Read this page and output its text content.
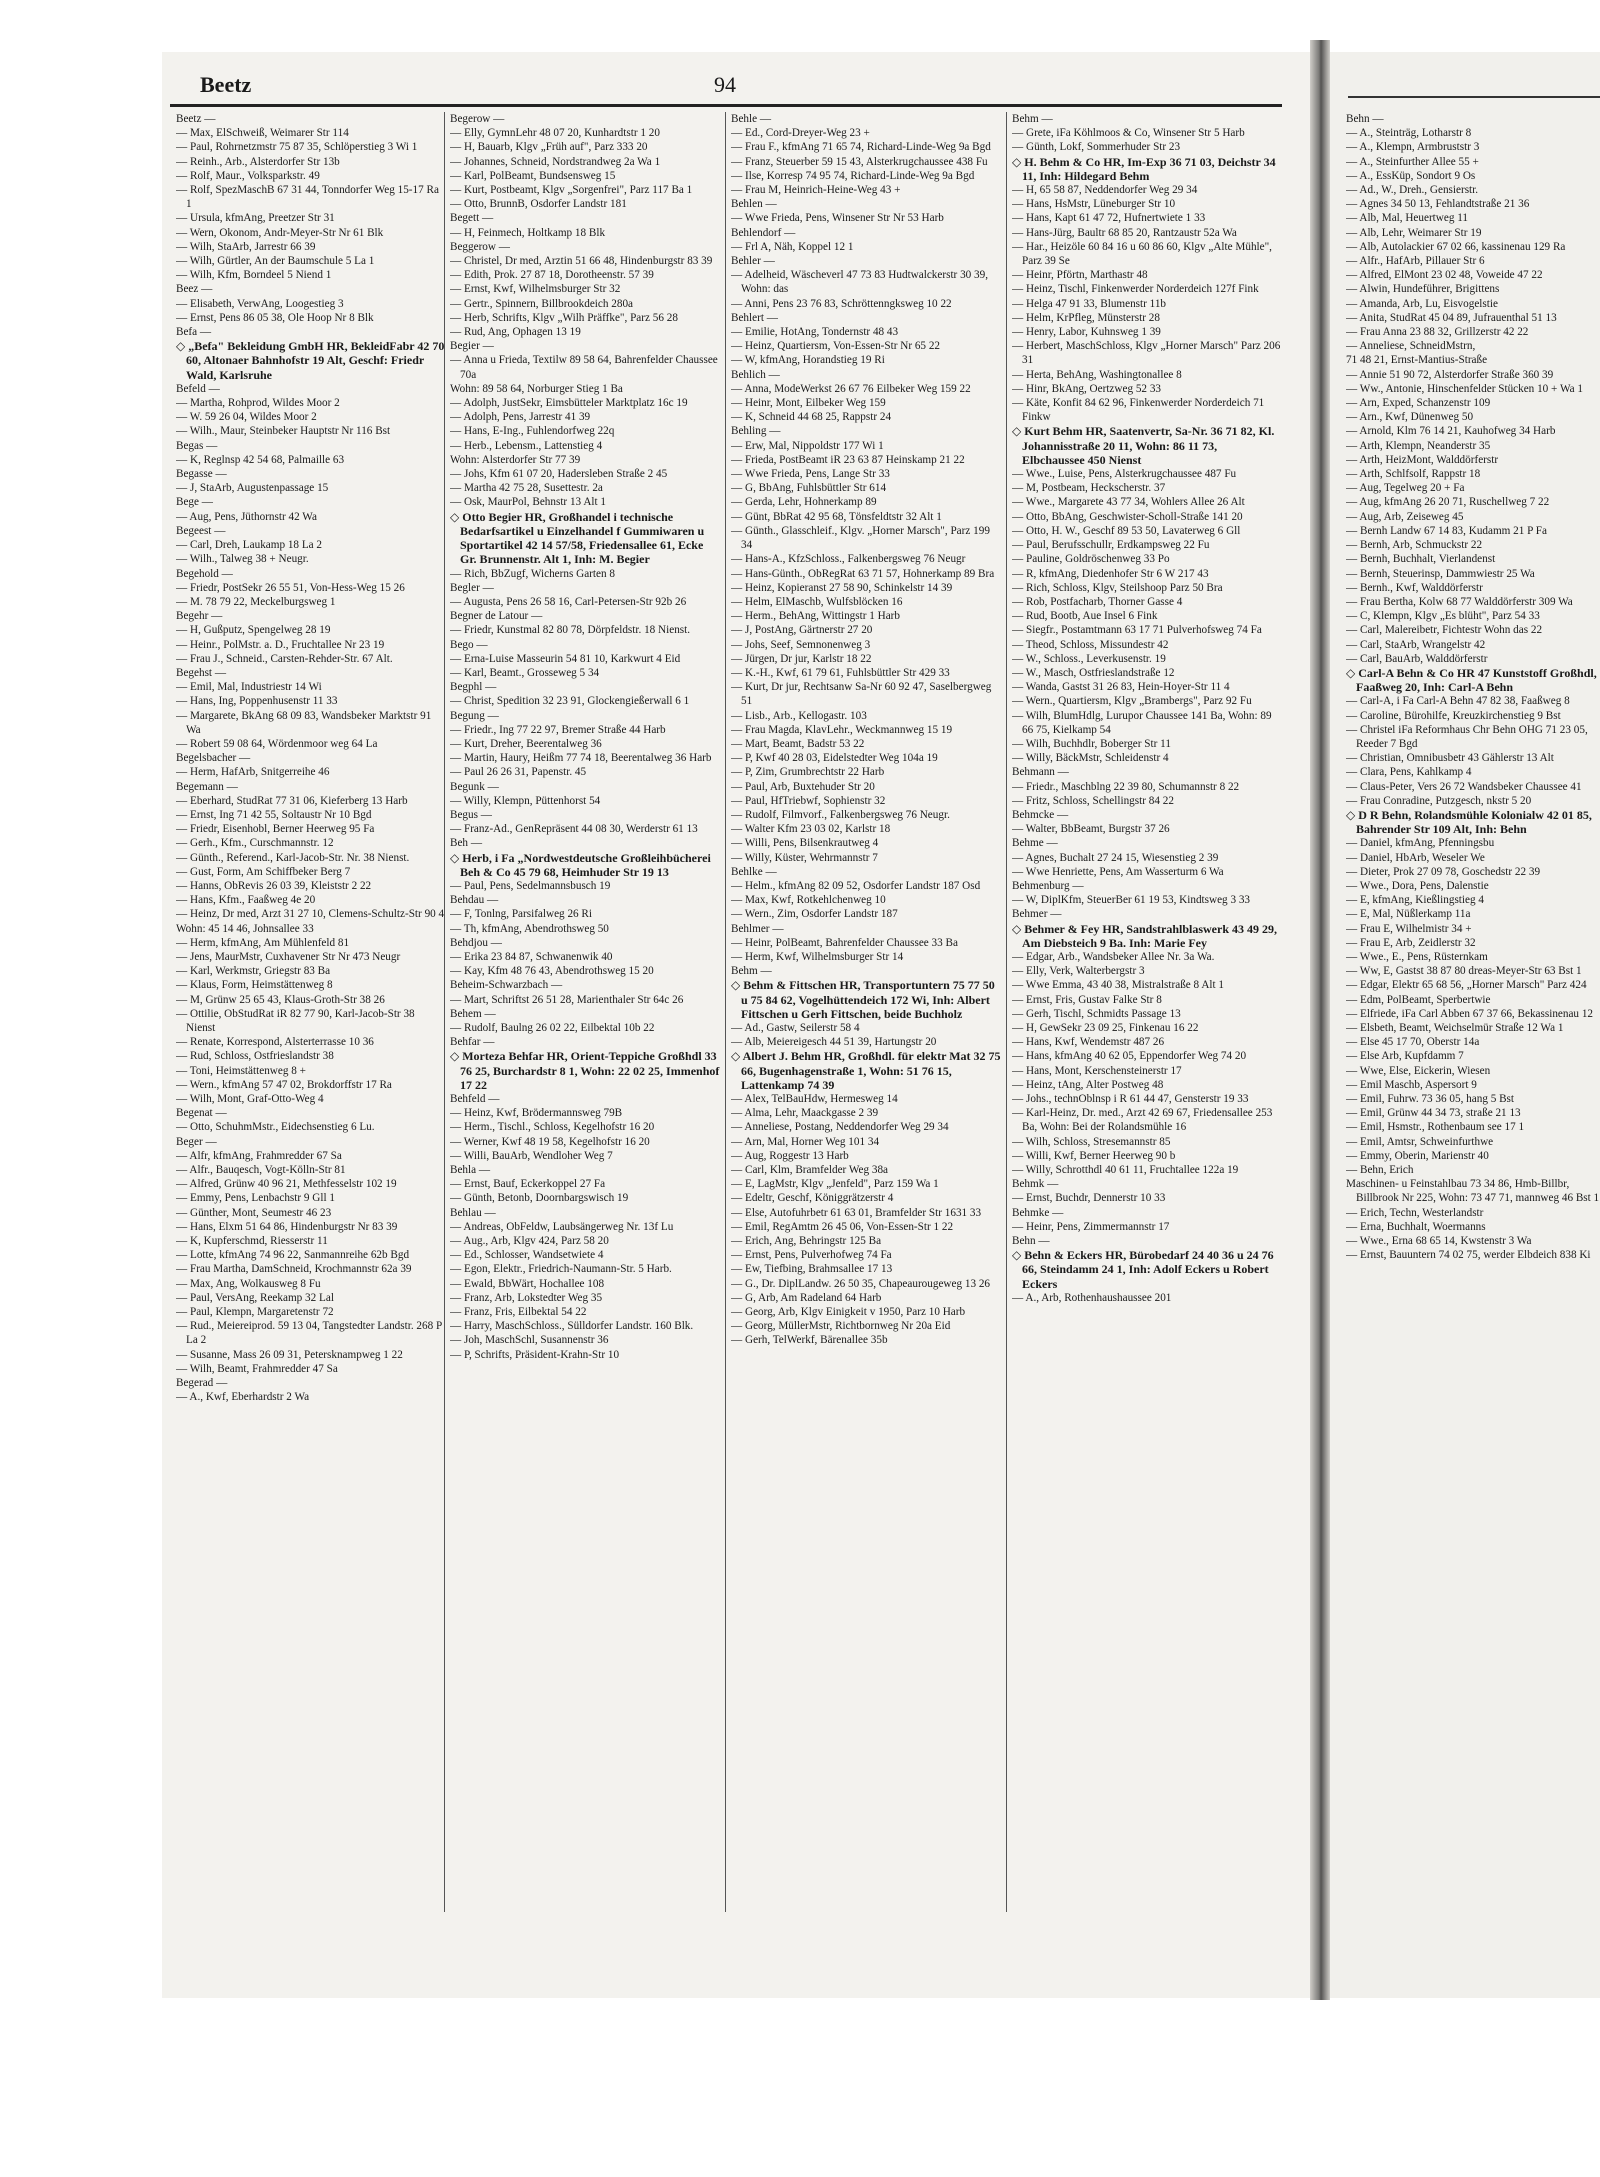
Beetz	94
Beetz —
— Max, ElSchweiß, Weimarer Str 114
— Paul, Rohrnetzmstr 75 87 35, Schlöperstieg 3 Wi 1
— Reinh., Arb., Alsterdorfer Str 13b
— Rolf, Maur., Volksparkstr. 49
— Rolf, SpezMaschB 67 31 44, Tonndorfer Weg 15-17 Ra 1
— Ursula, kfmAng, Preetzer Str 31
— Wern, Okonom, Andr-Meyer-Str Nr 61 Blk
— Wilh, StaArb, Jarrestr 66 39
— Wilh, Gürtler, An der Baumschule 5 La 1
— Wilh, Kfm, Borndeel 5 Niend 1
Beez —
— Elisabeth, VerwAng, Loogestieg 3
— Ernst, Pens 86 05 38, Ole Hoop Nr 8 Blk
Befa —
◇ „Befa" Bekleidung GmbH HR, BekleidFabr 42 70 60, Altonaer Bahnhofstr 19 Alt, Geschf: Friedr Wald, Karlsruhe
Befeld —
— Martha, Rohprod, Wildes Moor 2
— W. 59 26 04, Wildes Moor 2
— Wilh., Maur, Steinbeker Hauptstr Nr 116 Bst
Begas —
— K, Reglnsp 42 54 68, Palmaille 63
Begasse —
— J, StaArb, Augustenpassage 15
Bege —
— Aug, Pens, Jüthornstr 42 Wa
Begeest —
— Carl, Dreh, Laukamp 18 La 2
— Wilh., Talweg 38 + Neugr.
Begehold —
— Friedr, PostSekr 26 55 51, Von-Hess-Weg 15 26
— M. 78 79 22, Meckelburgsweg 1
Begehr —
— H, Gußputz, Spengelweg 28 19
— Heinr., PolMstr. a. D., Fruchtallee Nr 23 19
— Frau J., Schneid., Carsten-Rehder-Str. 67 Alt.
Begehst —
— Emil, Mal, Industriestr 14 Wi
— Hans, Ing, Poppenhusenstr 11 33
— Margarete, BkAng 68 09 83, Wandsbeker Marktstr 91 Wa
— Robert 59 08 64, Wördenmoor weg 64 La
Begelsbacher —
— Herm, HafArb, Snitgerreihe 46
Begemann —
— Eberhard, StudRat 77 31 06, Kieferberg 13 Harb
— Ernst, Ing 71 42 55, Soltaustr Nr 10 Bgd
— Friedr, Eisenhobl, Berner Heerweg 95 Fa
— Gerh., Kfm., Curschmannstr. 12
— Günth., Referend., Karl-Jacob-Str. Nr. 38 Nienst.
— Gust, Form, Am Schiffbeker Berg 7
— Hanns, ObRevis 26 03 39, Kleiststr 2 22
— Hans, Kfm., Faaßweg 4e 20
— Heinz, Dr med, Arzt 31 27 10, Clemens-Schultz-Str 90 4
Wohn: 45 14 46, Johnsallee 33
— Herm, kfmAng, Am Mühlenfeld 81
— Jens, MaurMstr, Cuxhavener Str Nr 473 Neugr
— Karl, Werkmstr, Griegstr 83 Ba
— Klaus, Form, Heimstättenweg 8
— M, Grünw 25 65 43, Klaus-Groth-Str 38 26
— Ottilie, ObStudRat iR 82 77 90, Karl-Jacob-Str 38 Nienst
— Renate, Korrespond, Alsterterrasse 10 36
— Rud, Schloss, Ostfrieslandstr 38
— Toni, Heimstättenweg 8 +
— Wern., kfmAng 57 47 02, Brokdorffstr 17 Ra
— Wilh, Mont, Graf-Otto-Weg 4
Begenat —
— Otto, SchuhmMstr., Eidechsenstieg 6 Lu.
Beger —
— Alfr, kfmAng, Frahmredder 67 Sa
— Alfr., Bauqesch, Vogt-Kölln-Str 81
— Alfred, Grünw 40 96 21, Methfesselstr 102 19
— Emmy, Pens, Lenbachstr 9 Gll 1
— Günther, Mont, Seumestr 46 23
— Hans, Elxm 51 64 86, Hindenburgstr Nr 83 39
— K, Kupferschmd, Riesserstr 11
— Lotte, kfmAng 74 96 22, Sanmannreihe 62b Bgd
— Frau Martha, DamSchneid, Krochmannstr 62a 39
— Max, Ang, Wolkausweg 8 Fu
— Paul, VersAng, Reekamp 32 Lal
— Paul, Klempn, Margaretenstr 72
— Rud., Meiereiprod. 59 13 04, Tangstedter Landstr. 268 P La 2
— Susanne, Mass 26 09 31, Petersknampweg 1 22
— Wilh, Beamt, Frahmredder 47 Sa
Begerad —
— A., Kwf, Eberhardstr 2 Wa
Begerow —
— Elly, GymnLehr 48 07 20, Kunhardtstr 1 20
— H, Bauarb, Klgv „Früh auf", Parz 333 20
— Johannes, Schneid, Nordstrandweg 2a Wa 1
— Karl, PolBeamt, Bundsensweg 15
— Kurt, Postbeamt, Klgv „Sorgenfrei", Parz 117 Ba 1
— Otto, BrunnB, Osdorfer Landstr 181
Begett —
— H, Feinmech, Holtkamp 18 Blk
Beggerow —
— Christel, Dr med, Arztin 51 66 48, Hindenburgstr 83 39
— Edith, Prok. 27 87 18, Dorotheenstr. 57 39
— Ernst, Kwf, Wilhelmsburger Str 32
— Gertr., Spinnern, Billbrookdeich 280a
— Herb, Schrifts, Klgv „Wilh Präffke", Parz 56 28
— Rud, Ang, Ophagen 13 19
Begier —
— Anna u Frieda, Textilw 89 58 64, Bahrenfelder Chaussee 70a
Wohn: 89 58 64, Norburger Stieg 1 Ba
— Adolph, JustSekr, Eimsbütteler Marktplatz 16c 19
— Adolph, Pens, Jarrestr 41 39
— Hans, E-Ing., Fuhlendorfweg 22q
— Herb., Lebensm., Lattenstieg 4
Wohn: Alsterdorfer Str 77 39
— Johs, Kfm 61 07 20, Hadersleben Straße 2 45
— Martha 42 75 28, Susettestr. 2a
— Osk, MaurPol, Behnstr 13 Alt 1
◇ Otto Begier HR, Großhandel i technische Bedarfsartikel u Einzelhandel f Gummiwaren u Sportartikel 42 14 57/58, Friedensallee 61, Ecke Gr. Brunnenstr. Alt 1, Inh: M. Begier
— Rich, BbZugf, Wicherns Garten 8
Begler —
— Augusta, Pens 26 58 16, Carl-Petersen-Str 92b 26
Begner de Latour —
— Friedr, Kunstmal 82 80 78, Dörpfeldstr. 18 Nienst.
Bego —
— Erna-Luise Masseurin 54 81 10, Karkwurt 4 Eid
— Karl, Beamt., Grosseweg 5 34
Begphl —
— Christ, Spedition 32 23 91, Glockengießerwall 6 1
Begung —
— Friedr., Ing 77 22 97, Bremer Straße 44 Harb
— Kurt, Dreher, Beerentalweg 36
— Martin, Haury, Heißm 77 74 18, Beerentalweg 36 Harb
— Paul 26 26 31, Papenstr. 45
Begunk —
— Willy, Klempn, Püttenhorst 54
Begus —
— Franz-Ad., GenRepräsent 44 08 30, Werderstr 61 13
Beh —
◇ Herb, i Fa „Nordwestdeutsche Großleihbücherei Beh & Co 45 79 68, Heimhuder Str 19 13
— Paul, Pens, Sedelmannsbusch 19
Behdau —
— F, Tonlng, Parsifalweg 26 Ri
— Th, kfmAng, Abendrothsweg 50
Behdjou —
— Erika 23 84 87, Schwanenwik 40
— Kay, Kfm 48 76 43, Abendrothsweg 15 20
Beheim-Schwarzbach —
— Mart, Schriftst 26 51 28, Marienthaler Str 64c 26
Behem —
— Rudolf, Baulng 26 02 22, Eilbektal 10b 22
Behfar —
◇ Morteza Behfar HR, Orient-Teppiche Großhdl 33 76 25, Burchardstr 8 1, Wohn: 22 02 25, Immenhof 17 22
Behfeld —
— Heinz, Kwf, Brödermannsweg 79B
— Herm., Tischl., Schloss, Kegelhofstr 16 20
— Werner, Kwf 48 19 58, Kegelhofstr 16 20
— Willi, BauArb, Wendloher Weg 7
Behla —
— Ernst, Bauf, Eckerkoppel 27 Fa
— Günth, Betonb, Doornbargswisch 19
Behlau —
— Andreas, ObFeldw, Laubsängerweg Nr. 13f Lu
— Aug., Arb, Klgv 424, Parz 58 20
— Ed., Schlosser, Wandsetwiete 4
— Egon, Elektr., Friedrich-Naumann-Str. 5 Harb.
— Ewald, BbWärt, Hochallee 108
— Franz, Arb, Lokstedter Weg 35
— Franz, Fris, Eilbektal 54 22
— Harry, MaschSchloss., Sülldorfer Landstr. 160 Blk.
— Joh, MaschSchl, Susannenstr 36
— P, Schrifts, Präsident-Krahn-Str 10
Behle —
— Ed., Cord-Dreyer-Weg 23 +
— Frau F., kfmAng 71 65 74, Richard-Linde-Weg 9a Bgd
— Franz, Steuerber 59 15 43, Alsterkrugchaussee 438 Fu
— Ilse, Korresp 74 95 74, Richard-Linde-Weg 9a Bgd
— Frau M, Heinrich-Heine-Weg 43 +
Behlen —
— Wwe Frieda, Pens, Winsener Str Nr 53 Harb
Behlendorf —
— Frl A, Näh, Koppel 12 1
Behler —
— Adelheid, Wäscheverl 47 73 83 Hudtwalckerstr 30 39, Wohn: das
— Anni, Pens 23 76 83, Schröttenngksweg 10 22
Behlert —
— Emilie, HotAng, Tondernstr 48 43
— Heinz, Quartiersm, Von-Essen-Str Nr 65 22
— W, kfmAng, Horandstieg 19 Ri
Behlich —
— Anna, ModeWerkst 26 67 76 Eilbeker Weg 159 22
— Heinr, Mont, Eilbeker Weg 159
— K, Schneid 44 68 25, Rappstr 24
Behling —
— Erw, Mal, Nippoldstr 177 Wi 1
— Frieda, PostBeamt iR 23 63 87 Heinskamp 21 22
— Wwe Frieda, Pens, Lange Str 33
— G, BbAng, Fuhlsbüttler Str 614
— Gerda, Lehr, Hohnerkamp 89
— Günt, BbRat 42 95 68, Tönsfeldtstr 32 Alt 1
— Günth., Glasschleif., Klgv. „Horner Marsch", Parz 199 34
— Hans-A., KfzSchloss., Falkenbergsweg 76 Neugr
— Hans-Günth., ObRegRat 63 71 57, Hohnerkamp 89 Bra
— Heinz, Kopieranst 27 58 90, Schinkelstr 14 39
— Helm, ElMaschb, Wulfsblöcken 16
— Herm., BehAng, Wittingstr 1 Harb
— J, PostAng, Gärtnerstr 27 20
— Johs, Seef, Semnonenweg 3
— Jürgen, Dr jur, Karlstr 18 22
— K.-H., Kwf, 61 79 61, Fuhlsbüttler Str 429 33
— Kurt, Dr jur, Rechtsanw Sa-Nr 60 92 47, Saselbergweg 51
— Lisb., Arb., Kellogastr. 103
— Frau Magda, KlavLehr., Weckmannweg 15 19
— Mart, Beamt, Badstr 53 22
— P, Kwf 40 28 03, Eidelstedter Weg 104a 19
— P, Zim, Grumbrechtstr 22 Harb
— Paul, Arb, Buxtehuder Str 20
— Paul, HfTriebwf, Sophienstr 32
— Rudolf, Filmvorf., Falkenbergsweg 76 Neugr.
— Walter Kfm 23 03 02, Karlstr 18
— Willi, Pens, Bilsenkrautweg 4
— Willy, Küster, Wehrmannstr 7
Behlke —
— Helm., kfmAng 82 09 52, Osdorfer Landstr 187 Osd
— Max, Kwf, Rotkehlchenweg 10
— Wern., Zim, Osdorfer Landstr 187
Behlmer —
— Heinr, PolBeamt, Bahrenfelder Chaussee 33 Ba
— Herm, Kwf, Wilhelmsburger Str 14
Behm —
◇ Behm & Fittschen HR, Transportuntern 75 77 50 u 75 84 62, Vogelhüttendeich 172 Wi, Inh: Albert Fittschen u Gerh Fittschen, beide Buchholz
— Ad., Gastw, Seilerstr 58 4
— Alb, Meiereigesch 44 51 39, Hartungstr 20
◇ Albert J. Behm HR, Großhdl. für elektr Mat 32 75 66, Bugenhagenstraße 1, Wohn: 51 76 15, Lattenkamp 74 39
— Alex, TelBauHdw, Hermesweg 14
— Alma, Lehr, Maackgasse 2 39
— Anneliese, Postang, Neddendorfer Weg 29 34
— Arn, Mal, Horner Weg 101 34
— Aug, Roggestr 13 Harb
— Carl, Klm, Bramfelder Weg 38a
— E, LagMstr, Klgv „Jenfeld", Parz 159 Wa 1
— Edeltr, Geschf, Königgrätzerstr 4
— Else, Autofuhrbetr 61 63 01, Bramfelder Str 1631 33
— Emil, RegAmtm 26 45 06, Von-Essen-Str 1 22
— Erich, Ang, Behringstr 125 Ba
— Ernst, Pens, Pulverhofweg 74 Fa
— Ew, Tiefbing, Brahmsallee 17 13
— G., Dr. DiplLandw. 26 50 35, Chapeaurougeweg 13 26
— G, Arb, Am Radeland 64 Harb
— Georg, Arb, Klgv Einigkeit v 1950, Parz 10 Harb
— Georg, MüllerMstr, Richtbornweg Nr 20a Eid
— Gerh, TelWerkf, Bärenallee 35b
Behm —
— Grete, iFa Köhlmoos & Co, Winsener Str 5 Harb
— Günth, Lokf, Sommerhuder Str 23
◇ H. Behm & Co HR, Im-Exp 36 71 03, Deichstr 34 11, Inh: Hildegard Behm
— H, 65 58 87, Neddendorfer Weg 29 34
— Hans, HsMstr, Lüneburger Str 10
— Hans, Kapt 61 47 72, Hufnertwiete 1 33
— Hans-Jürg, Baultr 68 85 20, Rantzaustr 52a Wa
— Har., Heizöle 60 84 16 u 60 86 60, Klgv „Alte Mühle", Parz 39 Se
— Heinr, Pförtn, Marthastr 48
— Heinz, Tischl, Finkenwerder Norderdeich 127f Fink
— Helga 47 91 33, Blumenstr 11b
— Helm, KrPfleg, Münsterstr 28
— Henry, Labor, Kuhnsweg 1 39
— Herbert, MaschSchloss, Klgv „Horner Marsch" Parz 206 31
— Herta, BehAng, Washingtonallee 8
— Hinr, BkAng, Oertzweg 52 33
— Käte, Konfit 84 62 96, Finkenwerder Norderdeich 71 Finkw
◇ Kurt Behm HR, Saatenvertr, Sa-Nr. 36 71 82, Kl. Johannisstraße 20 11, Wohn: 86 11 73, Elbchaussee 450 Nienst
— Wwe., Luise, Pens, Alsterkrugchaussee 487 Fu
— M, Postbeam, Heckscherstr. 37
— Wwe., Margarete 43 77 34, Wohlers Allee 26 Alt
— Otto, BbAng, Geschwister-Scholl-Straße 141 20
— Otto, H. W., Geschf 89 53 50, Lavaterweg 6 Gll
— Paul, Berufsschullr, Erdkampsweg 22 Fu
— Pauline, Goldröschenweg 33 Po
— R, kfmAng, Diedenhofer Str 6 W 217 43
— Rich, Schloss, Klgv, Steilshoop Parz 50 Bra
— Rob, Postfacharb, Thorner Gasse 4
— Rud, Bootb, Aue Insel 6 Fink
— Siegfr., Postamtmann 63 17 71 Pulverhofsweg 74 Fa
— Theod, Schloss, Missundestr 42
— W., Schloss., Leverkusenstr. 19
— W., Masch, Ostfrieslandstraße 12
— Wanda, Gastst 31 26 83, Hein-Hoyer-Str 11 4
— Wern., Quartiersm, Klgv „Brambergs", Parz 92 Fu
— Wilh, BlumHdlg, Lurupor Chaussee 141 Ba, Wohn: 89 66 75, Kielkamp 54
— Wilh, Buchhdlr, Boberger Str 11
— Willy, BäckMstr, Schleidenstr 4
Behmann —
— Friedr., Maschblng 22 39 80, Schumannstr 8 22
— Fritz, Schloss, Schellingstr 84 22
Behmcke —
— Walter, BbBeamt, Burgstr 37 26
Behme —
— Agnes, Buchalt 27 24 15, Wiesenstieg 2 39
— Wwe Henriette, Pens, Am Wasserturm 6 Wa
Behmenburg —
— W, DiplKfm, SteuerBer 61 19 53, Kindtsweg 3 33
Behmer —
◇ Behmer & Fey HR, Sandstrahlblaswerk 43 49 29, Am Diebsteich 9 Ba. Inh: Marie Fey
— Edgar, Arb., Wandsbeker Allee Nr. 3a Wa.
— Elly, Verk, Walterbergstr 3
— Wwe Emma, 43 40 38, Mistralstraße 8 Alt 1
— Ernst, Fris, Gustav Falke Str 8
— Gerh, Tischl, Schmidts Passage 13
— H, GewSekr 23 09 25, Finkenau 16 22
— Hans, Kwf, Wendemstr 487 26
— Hans, kfmAng 40 62 05, Eppendorfer Weg 74 20
— Hans, Mont, Kerschensteinerstr 17
— Heinz, tAng, Alter Postweg 48
— Johs., technOblnsp i R 61 44 47, Gensterstr 19 33
— Karl-Heinz, Dr. med., Arzt 42 69 67, Friedensallee 253 Ba, Wohn: Bei der Rolandsmühle 16
— Wilh, Schloss, Stresemannstr 85
— Willi, Kwf, Berner Heerweg 90 b
— Willy, Schrotthdl 40 61 11, Fruchtallee 122a 19
Behmk —
— Ernst, Buchdr, Dennerstr 10 33
Behmke —
— Heinr, Pens, Zimmermannstr 17
Behn —
◇ Behn & Eckers HR, Bürobedarf 24 40 36 u 24 76 66, Steindamm 24 1, Inh: Adolf Eckers u Robert Eckers
— A., Arb, Rothenhaushaussee 201
Behn —
— A., Steinträg, Lotharstr 8
— A., Klempn, Armbruststr 3
— A., Steinfurther Allee 55 +
— A., EssKüp, Sondort 9 Os
— Ad., W., Dreh., Gensierstr.
— Agnes 34 50 13, Fehlandtstraße 21 36
— Alb, Mal, Heuertweg 11
— Alb, Lehr, Weimarer Str 19
— Alb, Autolackier 67 02 66, kassinenau 129 Ra
— Alfr., HafArb, Pillauer Str 6
— Alfred, ElMont 23 02 48, Voweide 47 22
— Alwin, Hundeführer, Brigittens
— Amanda, Arb, Lu, Eisvogelstie
— Anita, StudRat 45 04 89, Jufrauenthal 51 13
— Frau Anna 23 88 32, Grillzerstr 42 22
— Anneliese, SchneidMstrn,
71 48 21, Ernst-Mantius-Straße
— Annie 51 90 72, Alsterdorfer Straße 360 39
— Ww., Antonie, Hinschenfelder Stücken 10 + Wa 1
— Arn, Exped, Schanzenstr 109
— Arn., Kwf, Dünenweg 50
— Arnold, Klm 76 14 21, Kauhofweg 34 Harb
— Arth, Klempn, Neanderstr 35
— Arth, HeizMont, Walddörferstr
— Arth, Schlfsolf, Rappstr 18
— Aug, Tegelweg 20 + Fa
— Aug, kfmAng 26 20 71, Ruschellweg 7 22
— Aug, Arb, Zeiseweg 45
— Bernh Landw 67 14 83, Kudamm 21 P Fa
— Bernh, Arb, Schmuckstr 22
— Bernh, Buchhalt, Vierlandenst
— Bernh, Steuerinsp, Dammwiestr 25 Wa
— Bernh., Kwf, Walddörferstr
— Frau Bertha, Kolw 68 77 Walddörferstr 309 Wa
— C, Klempn, Klgv „Es blüht", Parz 54 33
— Carl, Malereibetr, Fichtestr Wohn das 22
— Carl, StaArb, Wrangelstr 42
— Carl, BauArb, Walddörferstr
◇ Carl-A Behn & Co HR 47 Kunststoff Großhdl, Faaßweg 20, Inh: Carl-A Behn
— Carl-A, i Fa Carl-A Behn 47 82 38, Faaßweg 8
— Caroline, Bürohilfe, Kreuzkirchenstieg 9 Bst
— Christel iFa Reformhaus Chr Behn OHG 71 23 05, Reeder 7 Bgd
— Christian, Omnibusbetr 43 Gählerstr 13 Alt
— Clara, Pens, Kahlkamp 4
— Claus-Peter, Vers 26 72 Wandsbeker Chaussee 41
— Frau Conradine, Putzgesch, nkstr 5 20
◇ D R Behn, Rolandsmühle Kolonialw 42 01 85, Bahrender Str 109 Alt, Inh: Behn
— Daniel, kfmAng, Pfenningsbu
— Daniel, HbArb, Weseler We
— Dieter, Prok 27 09 78, Goschedstr 22 39
— Wwe., Dora, Pens, Dalenstie
— E, kfmAng, Kießlingstieg 4
— E, Mal, Nüßlerkamp 11a
— Frau E, Wilhelmistr 34 +
— Frau E, Arb, Zeidlerstr 32
— Wwe., E., Pens, Rüsternkam
— Ww, E, Gastst 38 87 80 dreas-Meyer-Str 63 Bst 1
— Edgar, Elektr 65 68 56, „Horner Marsch" Parz 424
— Edm, PolBeamt, Sperbertwie
— Elfriede, iFa Carl Abben 67 37 66, Bekassinenau 12
— Elsbeth, Beamt, Weichselmür Straße 12 Wa 1
— Else 45 17 70, Oberstr 14a
— Else Arb, Kupfdamm 7
— Wwe, Else, Eickerin, Wiesen
— Emil Maschb, Aspersort 9
— Emil, Fuhrw. 73 36 05, hang 5 Bst
— Emil, Grünw 44 34 73, straße 21 13
— Emil, Hsmstr., Rothenbaum see 17 1
— Emil, Amtsr, Schweinfurthwe
— Emmy, Oberin, Marienstr 40
— Behn, Erich
Maschinen- u Feinstahlbau 73 34 86, Hmb-Billbr, Billbrook Nr 225, Wohn: 73 47 71, mannweg 46 Bst 1
— Erich, Techn, Westerlandstr
— Erna, Buchhalt, Woermanns
— Wwe., Erna 68 65 14, Kwstenstr 3 Wa
— Ernst, Bauuntern 74 02 75, werder Elbdeich 838 Ki
